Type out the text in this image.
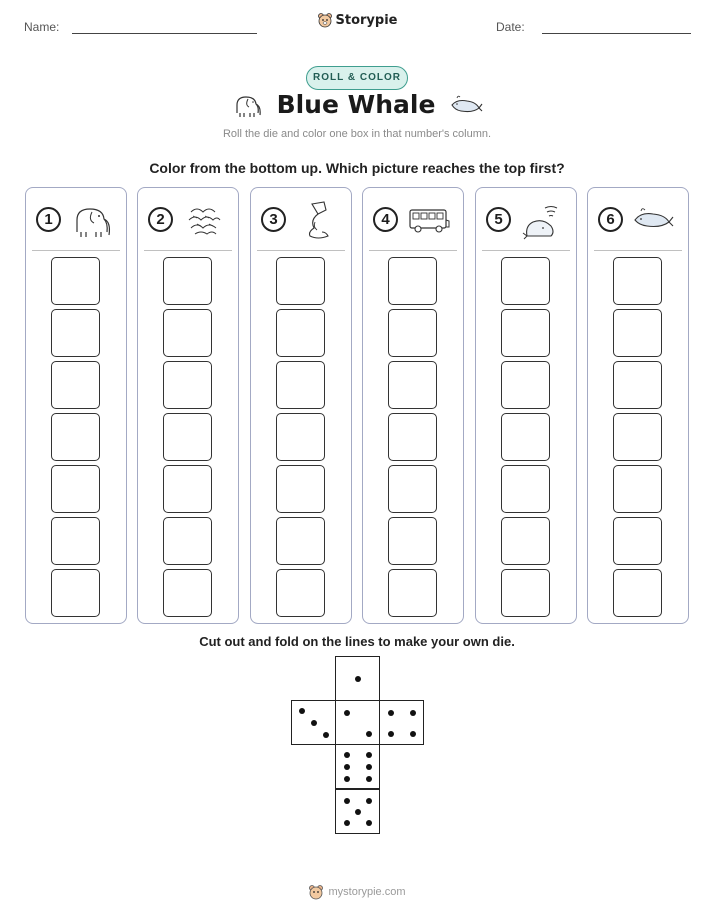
Name:	Storypie	Date:
ROLL & COLOR
Blue Whale
Roll the die and color one box in that number's column.
Color from the bottom up. Which picture reaches the top first?
1	2	3	4	5	6
Cut out and fold on the lines to make your own die.
mystorypie.com
